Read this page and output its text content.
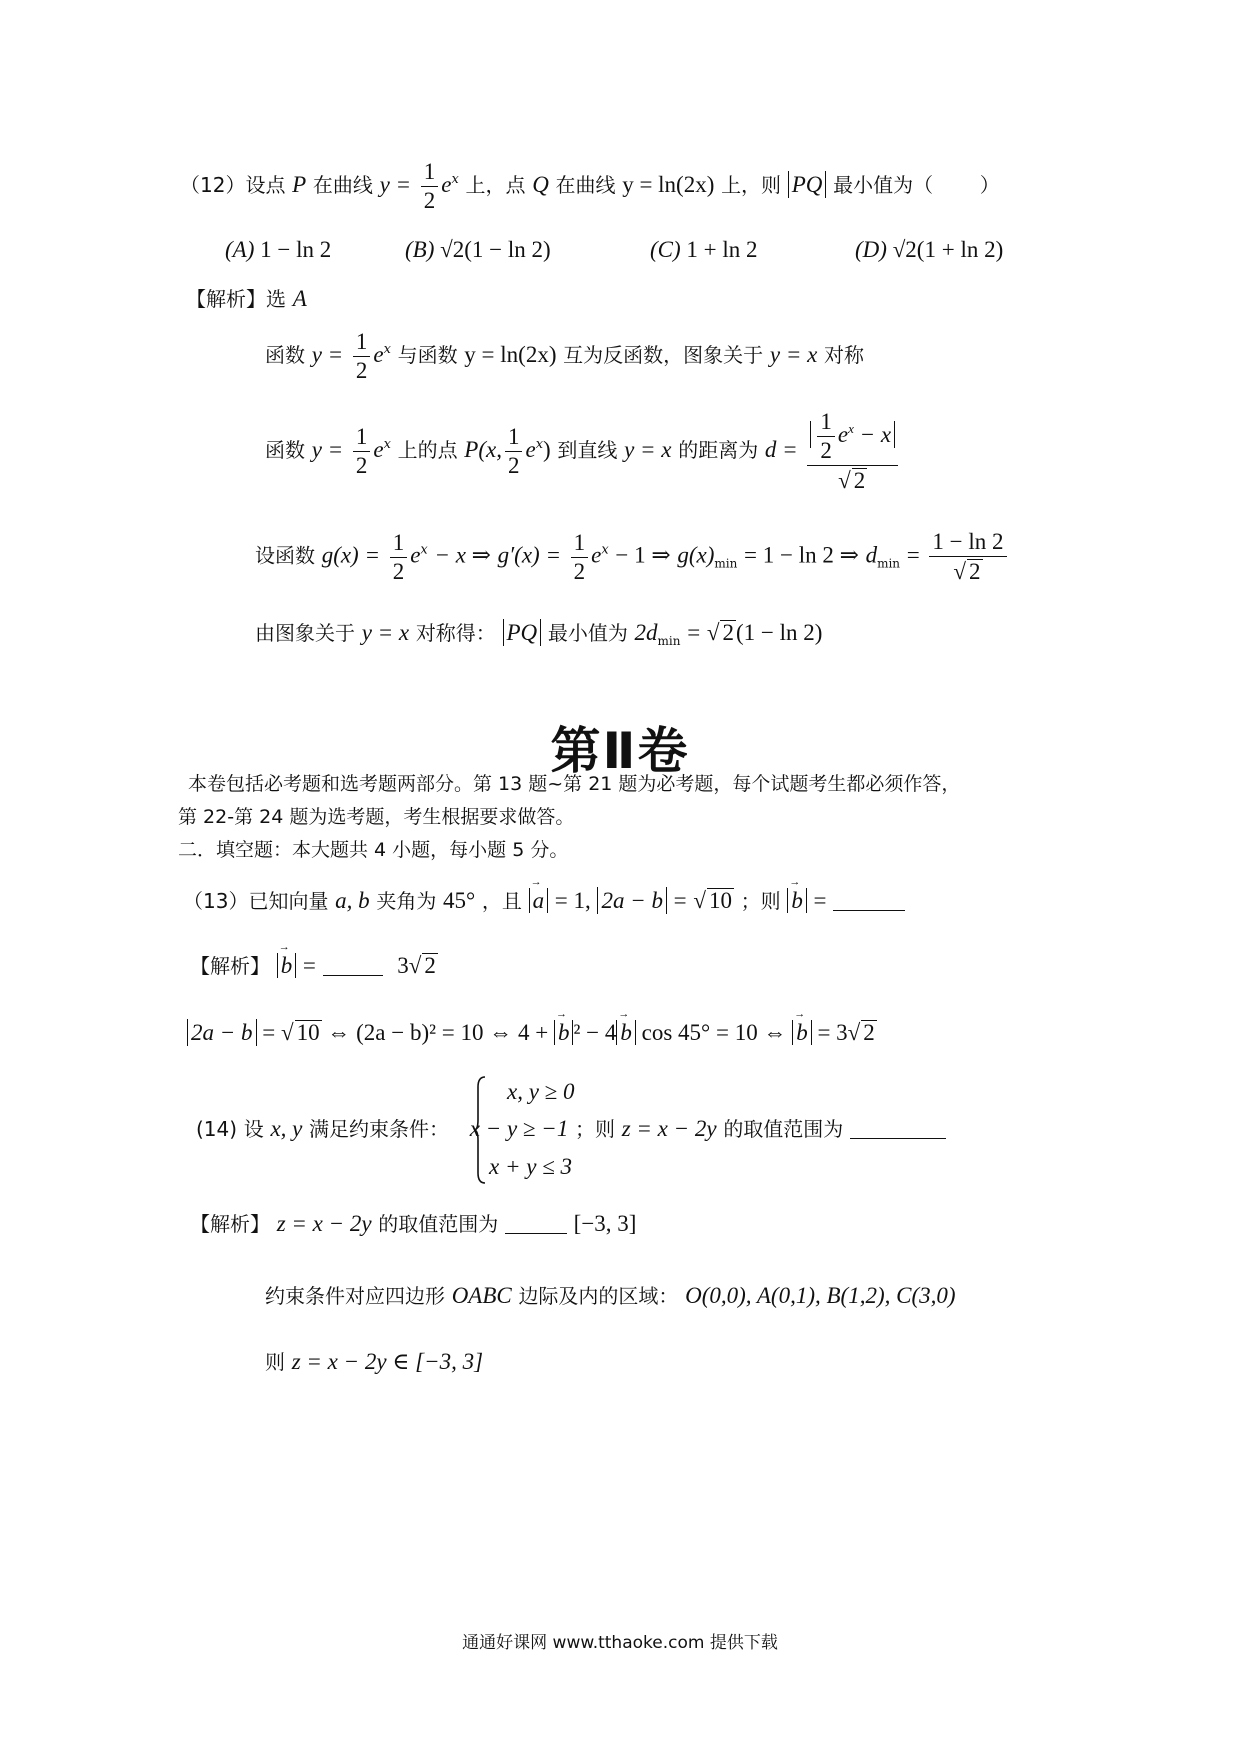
（12）设点 P 在曲线 $y = \frac{1}{2} e^x$ 上，点 Q 在曲线 y = ln(2x) 上，则 PQ 最小值为（ ）
(A) 1 − ln 2	(B) √2(1 − ln 2)	(C) 1 + ln 2	(D) √2(1 + ln 2)
【解析】选 A
函数 $y = \frac{1}{2} e^x$ 与函数 y = ln(2x) 互为反函数，图象关于 y = x 对称
函数 $y = \frac{1}{2} e^x$ 上的点 P(x, $\frac{1}{2} e^x$) 到直线 y = x 的距离为 $d = \frac{\frac{1}{2} e^x - x}{√ 2}$
设函数 $g(x) = \frac{1}{2} e^x - x$ ⇒ $g'(x) = \frac{1}{2} e^x - 1$ ⇒ $g(x)_{min} = 1 - \ln 2$ ⇒ $d_{min} = \frac{1 - \ln 2}{√ 2}$
由图象关于 y = x 对称得： PQ 最小值为 $2d_{min}$ = √ 2(1 − ln 2)
第Ⅱ卷
本卷包括必考题和选考题两部分。第 13 题~第 21 题为必考题，每个试题考生都必须作答，
第 22-第 24 题为选考题，考生根据要求做答。
二．填空题：本大题共 4 小题，每小题 5 分。
（13）已知向量 a, b 夹角为 45° ，且 → a = 1, 2a − b = √ 10 ；则 → b =
【解析】 → b =	3√ 2
2a − b = √ 10 ⇔ (2a − b)² = 10 ⇔ 4 + → b ² − 4 → b cos 45° = 10 ⇔ → b = 3√ 2
x, y ≥ 0
(14) 设 x, y 满足约束条件： x − y ≥ −1 ；则 z = x − 2y 的取值范围为
x + y ≤ 3
【解析】 z = x − 2y 的取值范围为	[−3, 3]
约束条件对应四边形 OABC 边际及内的区域： O(0,0), A(0,1), B(1,2), C(3,0)
则 z = x − 2y ∈ [−3, 3]
通通好课网 www.tthaoke.com 提供下载
